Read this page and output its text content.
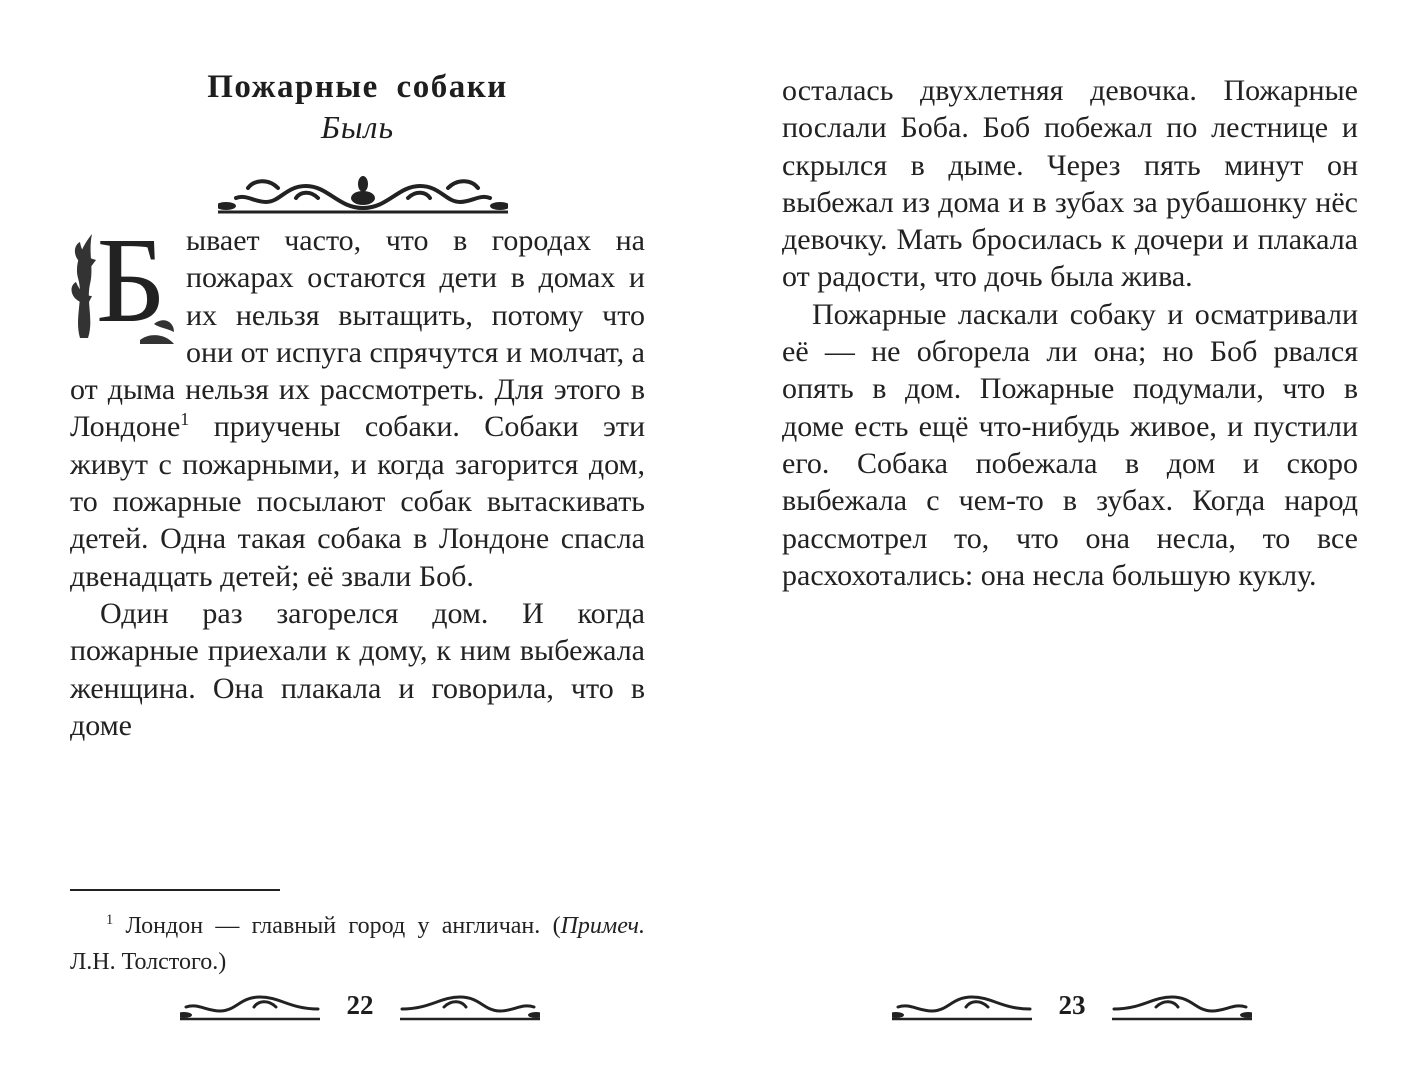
Пожарные собаки
Быль
Б ывает часто, что в городах на пожарах остаются дети в домах и их нельзя вытащить, потому что они от испуга спрячутся и молчат, а от дыма нельзя их рассмотреть. Для этого в Лондоне$^1$ приучены собаки. Собаки эти живут с пожарными, и когда загорится дом, то пожарные посылают собак вытаскивать детей. Одна такая собака в Лондоне спасла двенадцать детей; её звали Боб.

Один раз загорелся дом. И когда пожарные приехали к дому, к ним выбежала женщина. Она плакала и говорила, что в доме

$^1$ Лондон — главный город у англичан. (Примеч. Л.Н. Толстого.)

22

осталась двухлетняя девочка. Пожарные послали Боба. Боб побежал по лестнице и скрылся в дыме. Через пять минут он выбежал из дома и в зубах за рубашонку нёс девочку. Мать бросилась к дочери и плакала от радости, что дочь была жива.

Пожарные ласкали собаку и осматривали её — не обгорела ли она; но Боб рвался опять в дом. Пожарные подумали, что в доме есть ещё что-нибудь живое, и пустили его. Собака побежала в дом и скоро выбежала с чем-то в зубах. Когда народ рассмотрел то, что она несла, то все расхохотались: она несла большую куклу.

23
